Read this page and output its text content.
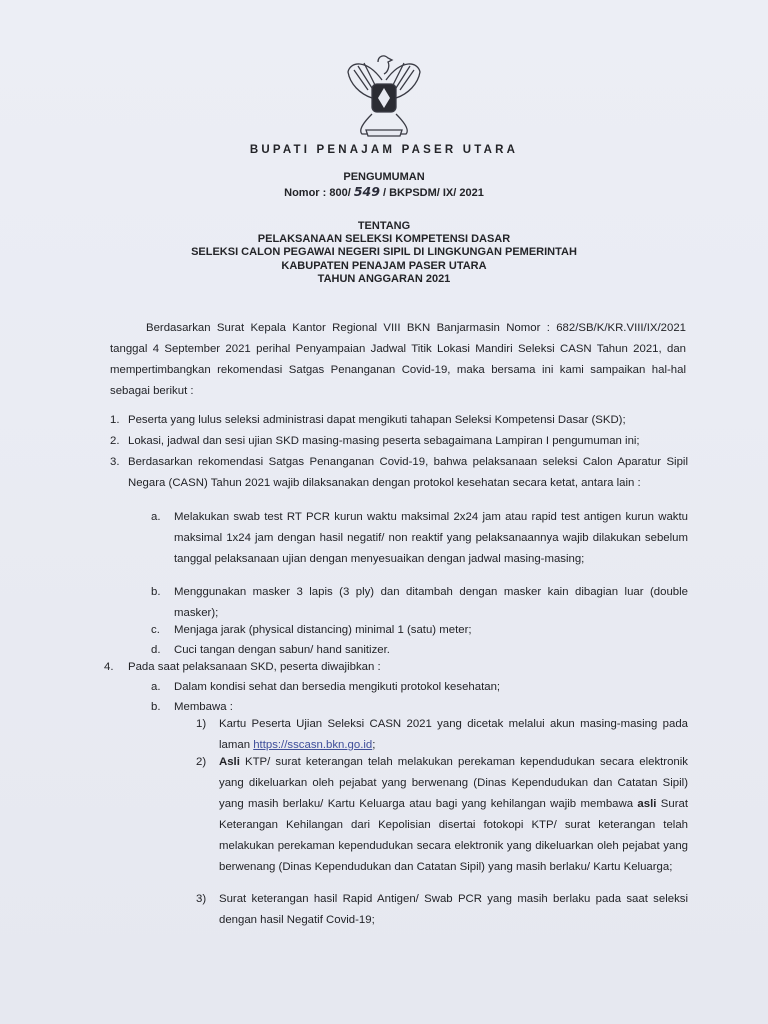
BUPATI PENAJAM PASER UTARA
PENGUMUMAN
Nomor : 800/ 549 / BKPSDM/ IX/ 2021
TENTANG
PELAKSANAAN SELEKSI KOMPETENSI DASAR
SELEKSI CALON PEGAWAI NEGERI SIPIL DI LINGKUNGAN PEMERINTAH
KABUPATEN PENAJAM PASER UTARA
TAHUN ANGGARAN 2021
Berdasarkan Surat Kepala Kantor Regional VIII BKN Banjarmasin Nomor : 682/SB/K/KR.VIII/IX/2021 tanggal 4 September 2021 perihal Penyampaian Jadwal Titik Lokasi Mandiri Seleksi CASN Tahun 2021, dan mempertimbangkan rekomendasi Satgas Penanganan Covid-19, maka bersama ini kami sampaikan hal-hal sebagai berikut :
1. Peserta yang lulus seleksi administrasi dapat mengikuti tahapan Seleksi Kompetensi Dasar (SKD);
2. Lokasi, jadwal dan sesi ujian SKD masing-masing peserta sebagaimana Lampiran I pengumuman ini;
3. Berdasarkan rekomendasi Satgas Penanganan Covid-19, bahwa pelaksanaan seleksi Calon Aparatur Sipil Negara (CASN) Tahun 2021 wajib dilaksanakan dengan protokol kesehatan secara ketat, antara lain :
a. Melakukan swab test RT PCR kurun waktu maksimal 2x24 jam atau rapid test antigen kurun waktu maksimal 1x24 jam dengan hasil negatif/ non reaktif yang pelaksanaannya wajib dilakukan sebelum tanggal pelaksanaan ujian dengan menyesuaikan dengan jadwal masing-masing;
b. Menggunakan masker 3 lapis (3 ply) dan ditambah dengan masker kain dibagian luar (double masker);
c. Menjaga jarak (physical distancing) minimal 1 (satu) meter;
d. Cuci tangan dengan sabun/ hand sanitizer.
4. Pada saat pelaksanaan SKD, peserta diwajibkan :
a. Dalam kondisi sehat dan bersedia mengikuti protokol kesehatan;
b. Membawa :
1) Kartu Peserta Ujian Seleksi CASN 2021 yang dicetak melalui akun masing-masing pada laman https://sscasn.bkn.go.id;
2) Asli KTP/ surat keterangan telah melakukan perekaman kependudukan secara elektronik yang dikeluarkan oleh pejabat yang berwenang (Dinas Kependudukan dan Catatan Sipil) yang masih berlaku/ Kartu Keluarga atau bagi yang kehilangan wajib membawa asli Surat Keterangan Kehilangan dari Kepolisian disertai fotokopi KTP/ surat keterangan telah melakukan perekaman kependudukan secara elektronik yang dikeluarkan oleh pejabat yang berwenang (Dinas Kependudukan dan Catatan Sipil) yang masih berlaku/ Kartu Keluarga;
3) Surat keterangan hasil Rapid Antigen/ Swab PCR yang masih berlaku pada saat seleksi dengan hasil Negatif Covid-19;
